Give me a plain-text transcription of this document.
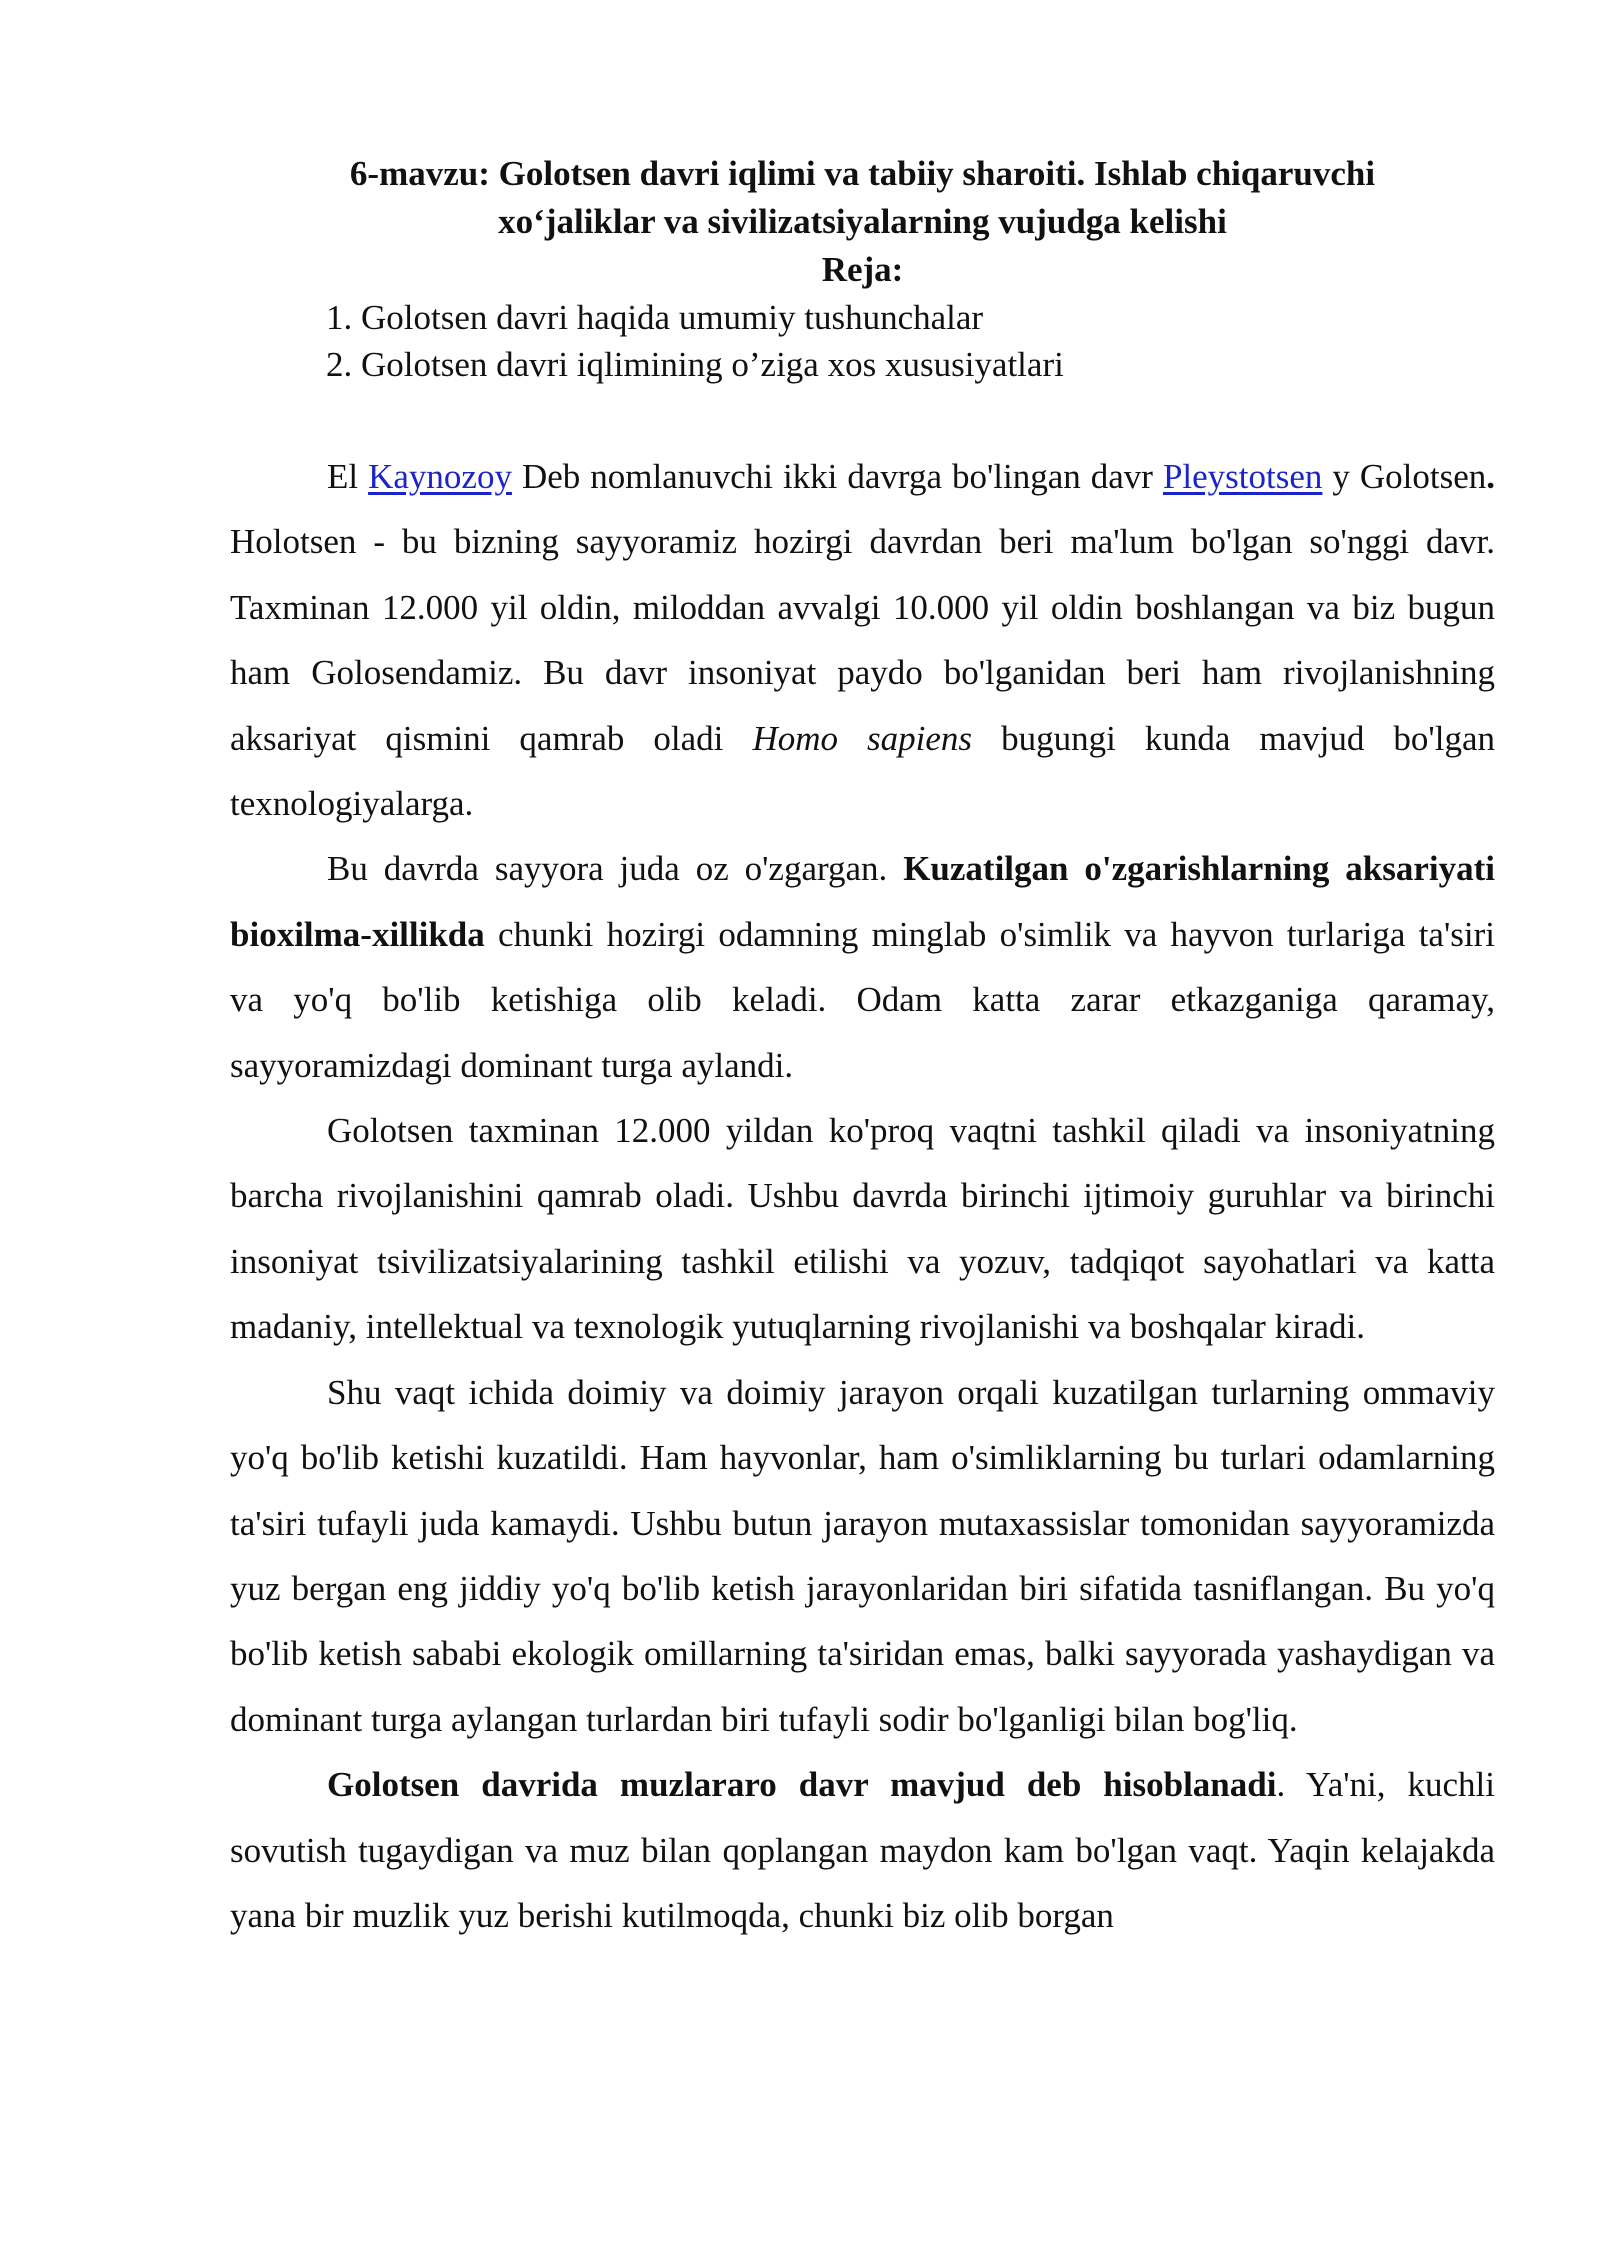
6-mavzu: Golotsen davri iqlimi va tabiiy sharoiti. Ishlab chiqaruvchi

xo‘jaliklar va sivilizatsiyalarning vujudga kelishi

Reja:

1. Golotsen davri haqida umumiy tushunchalar
2. Golotsen davri iqlimining o’ziga xos xususiyatlari

El Kaynozoy Deb nomlanuvchi ikki davrga bo'lingan davr Pleystotsen y Golotsen. Holotsen - bu bizning sayyoramiz hozirgi davrdan beri ma'lum bo'lgan so'nggi davr. Taxminan 12.000 yil oldin, miloddan avvalgi 10.000 yil oldin boshlangan va biz bugun ham Golosendamiz. Bu davr insoniyat paydo bo'lganidan beri ham rivojlanishning aksariyat qismini qamrab oladi Homo sapiens bugungi kunda mavjud bo'lgan texnologiyalarga.

Bu davrda sayyora juda oz o'zgargan. Kuzatilgan o'zgarishlarning aksariyati bioxilma-xillikda chunki hozirgi odamning minglab o'simlik va hayvon turlariga ta'siri va yo'q bo'lib ketishiga olib keladi. Odam katta zarar etkazganiga qaramay, sayyoramizdagi dominant turga aylandi.

Golotsen taxminan 12.000 yildan ko'proq vaqtni tashkil qiladi va insoniyatning barcha rivojlanishini qamrab oladi. Ushbu davrda birinchi ijtimoiy guruhlar va birinchi insoniyat tsivilizatsiyalarining tashkil etilishi va yozuv, tadqiqot sayohatlari va katta madaniy, intellektual va texnologik yutuqlarning rivojlanishi va boshqalar kiradi.

Shu vaqt ichida doimiy va doimiy jarayon orqali kuzatilgan turlarning ommaviy yo'q bo'lib ketishi kuzatildi. Ham hayvonlar, ham o'simliklarning bu turlari odamlarning ta'siri tufayli juda kamaydi. Ushbu butun jarayon mutaxassislar tomonidan sayyoramizda yuz bergan eng jiddiy yo'q bo'lib ketish jarayonlaridan biri sifatida tasniflangan. Bu yo'q bo'lib ketish sababi ekologik omillarning ta'siridan emas, balki sayyorada yashaydigan va dominant turga aylangan turlardan biri tufayli sodir bo'lganligi bilan bog'liq.

Golotsen davrida muzlararo davr mavjud deb hisoblanadi. Ya'ni, kuchli sovutish tugaydigan va muz bilan qoplangan maydon kam bo'lgan vaqt. Yaqin kelajakda yana bir muzlik yuz berishi kutilmoqda, chunki biz olib borgan
